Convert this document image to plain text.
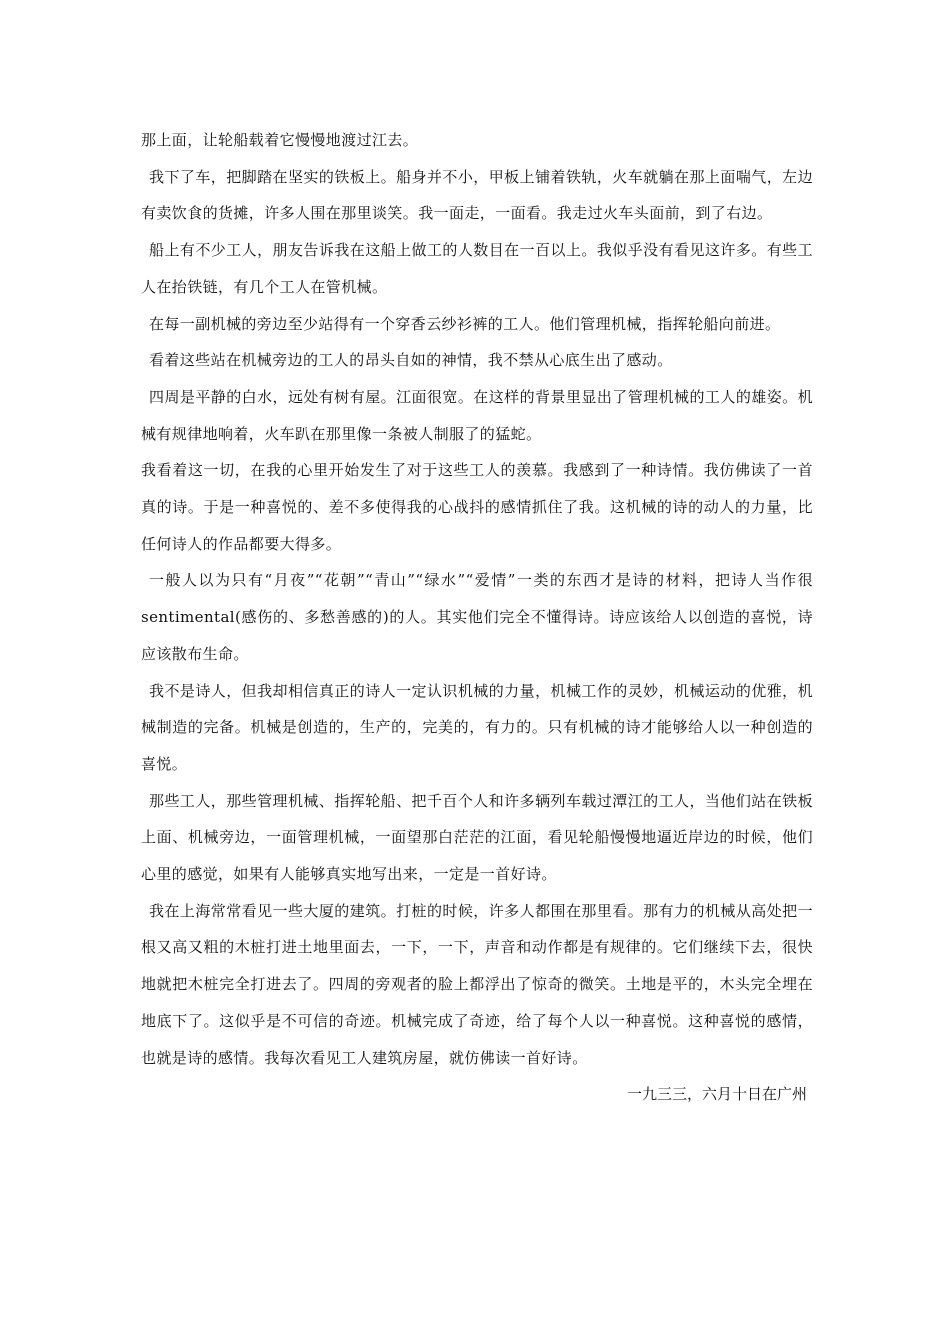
那上面，让轮船载着它慢慢地渡过江去。

我下了车，把脚踏在坚实的铁板上。船身并不小，甲板上铺着铁轨，火车就躺在那上面喘气，左边有卖饮食的货摊，许多人围在那里谈笑。我一面走，一面看。我走过火车头面前，到了右边。

船上有不少工人，朋友告诉我在这船上做工的人数目在一百以上。我似乎没有看见这许多。有些工人在抬铁链，有几个工人在管机械。

在每一副机械的旁边至少站得有一个穿香云纱衫裤的工人。他们管理机械，指挥轮船向前进。

看着这些站在机械旁边的工人的昂头自如的神情，我不禁从心底生出了感动。

四周是平静的白水，远处有树有屋。江面很宽。在这样的背景里显出了管理机械的工人的雄姿。机械有规律地响着，火车趴在那里像一条被人制服了的猛蛇。

我看着这一切，在我的心里开始发生了对于这些工人的羡慕。我感到了一种诗情。我仿佛读了一首真的诗。于是一种喜悦的、差不多使得我的心战抖的感情抓住了我。这机械的诗的动人的力量，比任何诗人的作品都要大得多。

一般人以为只有“月夜”“花朝”“青山”“绿水”“爱情”一类的东西才是诗的材料，把诗人当作很sentimental(感伤的、多愁善感的)的人。其实他们完全不懂得诗。诗应该给人以创造的喜悦，诗应该散布生命。

我不是诗人，但我却相信真正的诗人一定认识机械的力量，机械工作的灵妙，机械运动的优雅，机械制造的完备。机械是创造的，生产的，完美的，有力的。只有机械的诗才能够给人以一种创造的喜悦。

那些工人，那些管理机械、指挥轮船、把千百个人和许多辆列车载过潭江的工人，当他们站在铁板上面、机械旁边，一面管理机械，一面望那白茫茫的江面，看见轮船慢慢地逼近岸边的时候，他们心里的感觉，如果有人能够真实地写出来，一定是一首好诗。

我在上海常常看见一些大厦的建筑。打桩的时候，许多人都围在那里看。那有力的机械从高处把一根又高又粗的木桩打进土地里面去，一下，一下，声音和动作都是有规律的。它们继续下去，很快地就把木桩完全打进去了。四周的旁观者的脸上都浮出了惊奇的微笑。土地是平的，木头完全埋在地底下了。这似乎是不可信的奇迹。机械完成了奇迹，给了每个人以一种喜悦。这种喜悦的感情，也就是诗的感情。我每次看见工人建筑房屋，就仿佛读一首好诗。

一九三三，六月十日在广州
